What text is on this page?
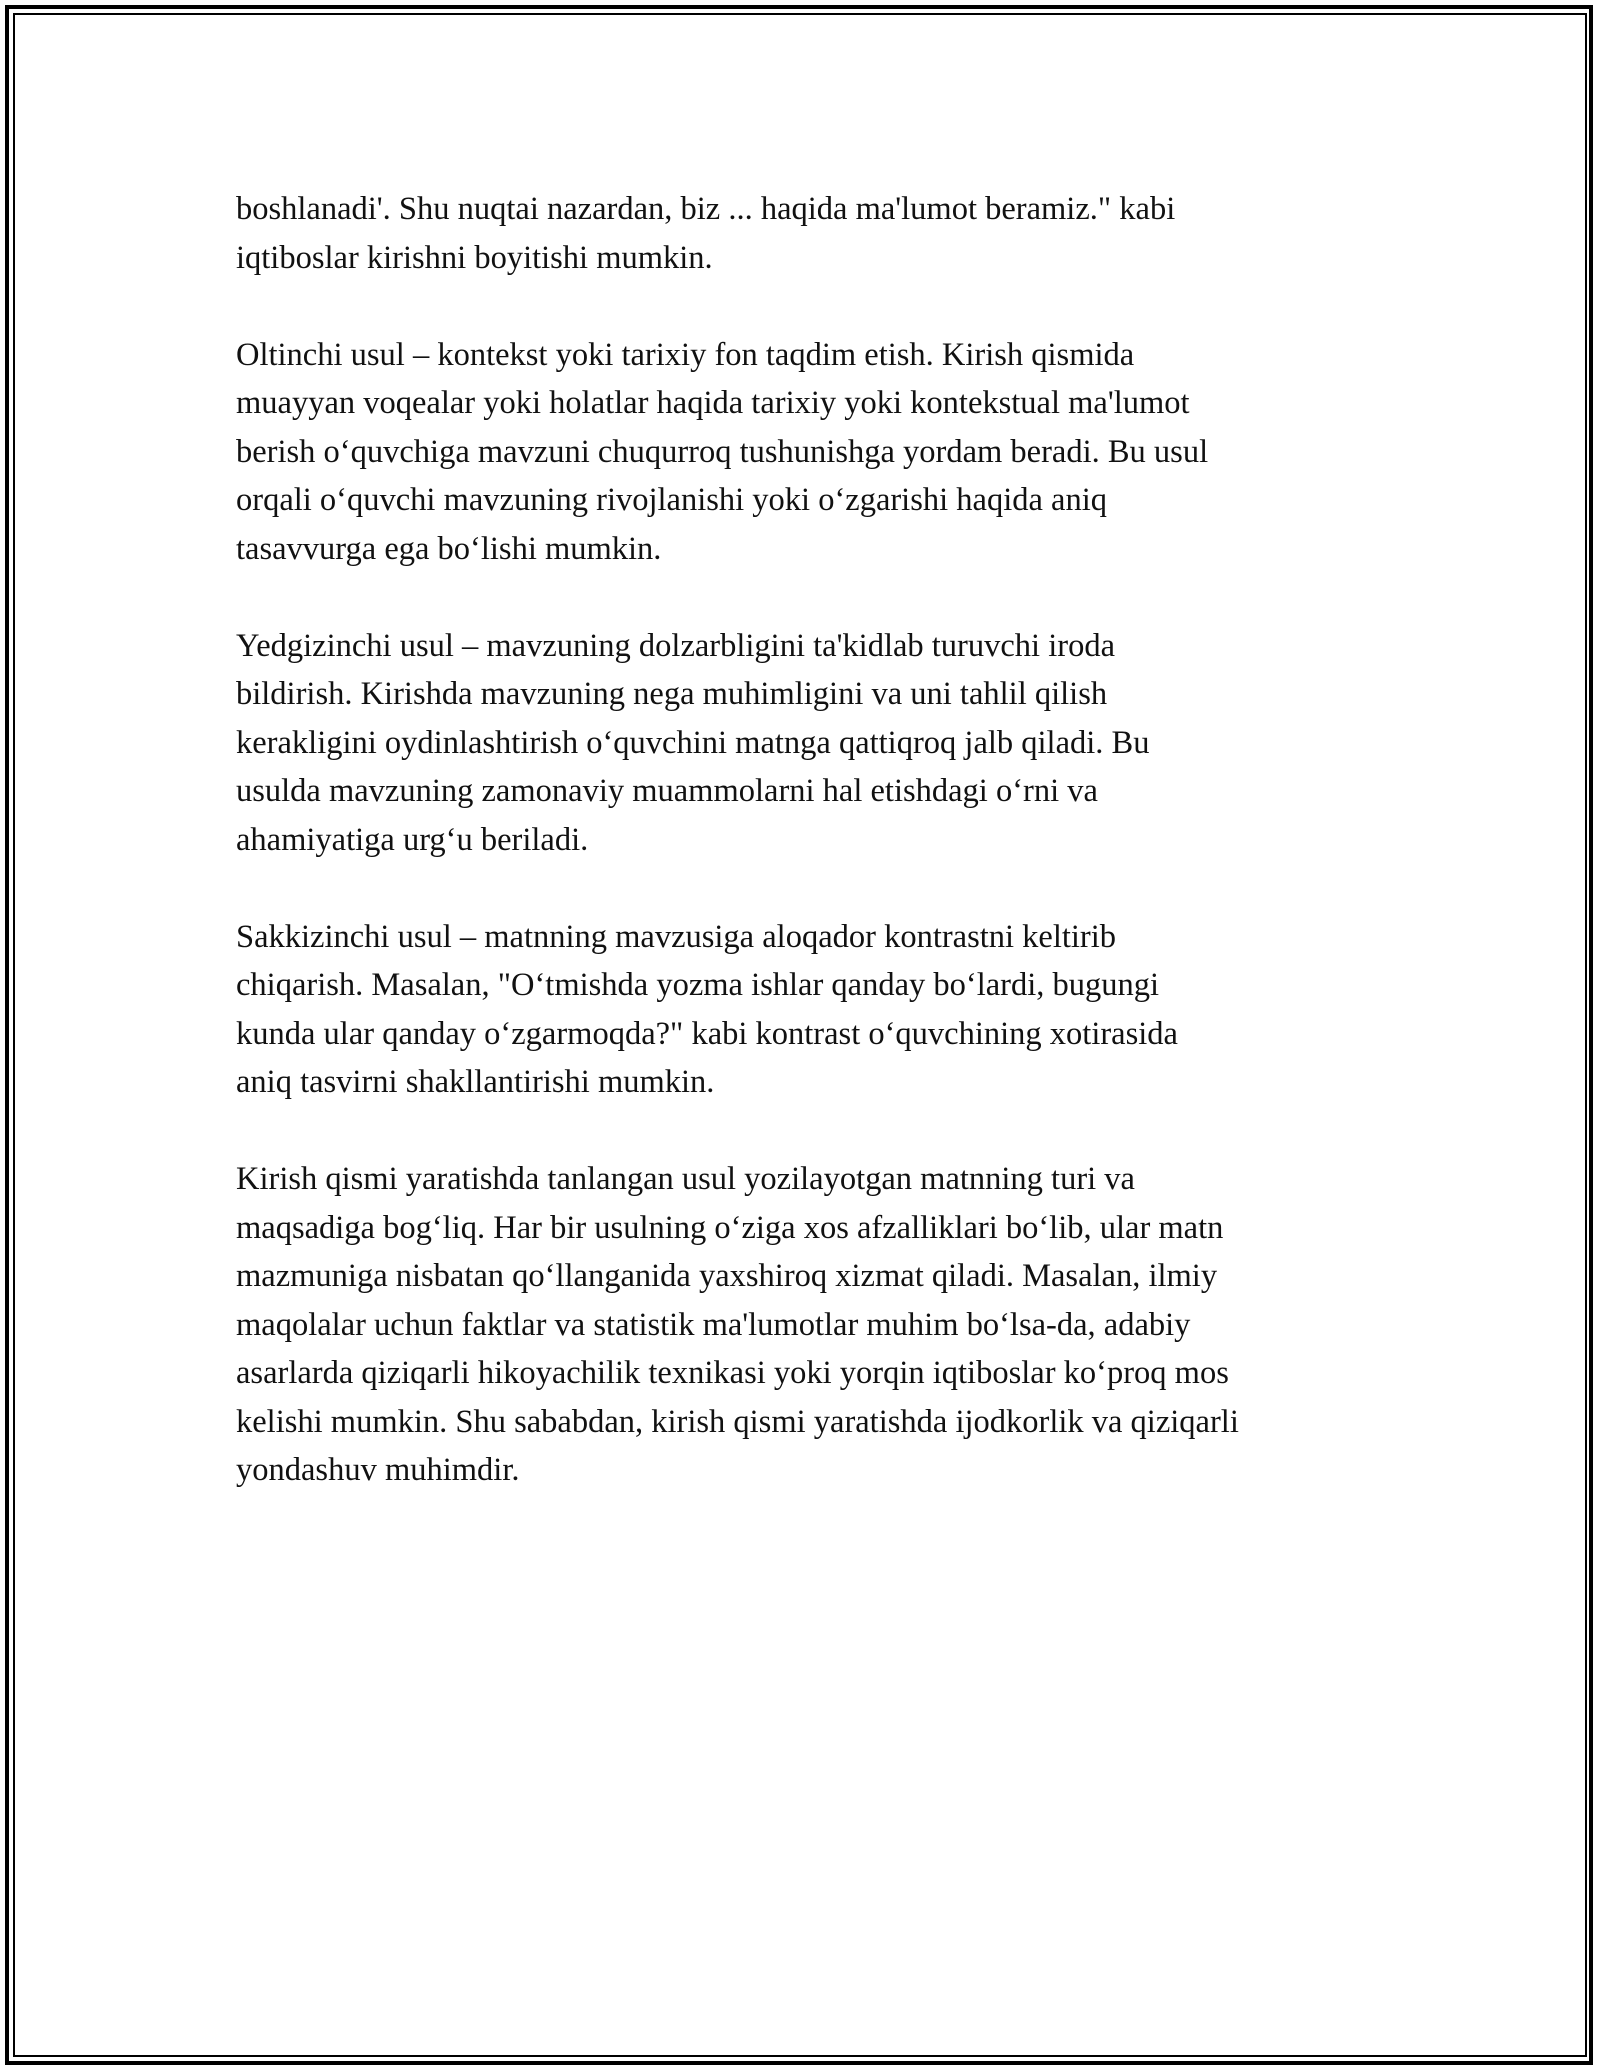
boshlanadi'. Shu nuqtai nazardan, biz ... haqida ma'lumot beramiz." kabi
iqtiboslar kirishni boyitishi mumkin.
Oltinchi usul – kontekst yoki tarixiy fon taqdim etish. Kirish qismida
muayyan voqealar yoki holatlar haqida tarixiy yoki kontekstual ma'lumot
berish o‘quvchiga mavzuni chuqurroq tushunishga yordam beradi. Bu usul
orqali o‘quvchi mavzuning rivojlanishi yoki o‘zgarishi haqida aniq
tasavvurga ega bo‘lishi mumkin.
Yedgizinchi usul – mavzuning dolzarbligini ta'kidlab turuvchi iroda
bildirish. Kirishda mavzuning nega muhimligini va uni tahlil qilish
kerakligini oydinlashtirish o‘quvchini matnga qattiqroq jalb qiladi. Bu
usulda mavzuning zamonaviy muammolarni hal etishdagi o‘rni va
ahamiyatiga urg‘u beriladi.
Sakkizinchi usul – matnning mavzusiga aloqador kontrastni keltirib
chiqarish. Masalan, "O‘tmishda yozma ishlar qanday bo‘lardi, bugungi
kunda ular qanday o‘zgarmoqda?" kabi kontrast o‘quvchining xotirasida
aniq tasvirni shakllantirishi mumkin.
Kirish qismi yaratishda tanlangan usul yozilayotgan matnning turi va
maqsadiga bog‘liq. Har bir usulning o‘ziga xos afzalliklari bo‘lib, ular matn
mazmuniga nisbatan qo‘llanganida yaxshiroq xizmat qiladi. Masalan, ilmiy
maqolalar uchun faktlar va statistik ma'lumotlar muhim bo‘lsa-da, adabiy
asarlarda qiziqarli hikoyachilik texnikasi yoki yorqin iqtiboslar ko‘proq mos
kelishi mumkin. Shu sababdan, kirish qismi yaratishda ijodkorlik va qiziqarli
yondashuv muhimdir.
